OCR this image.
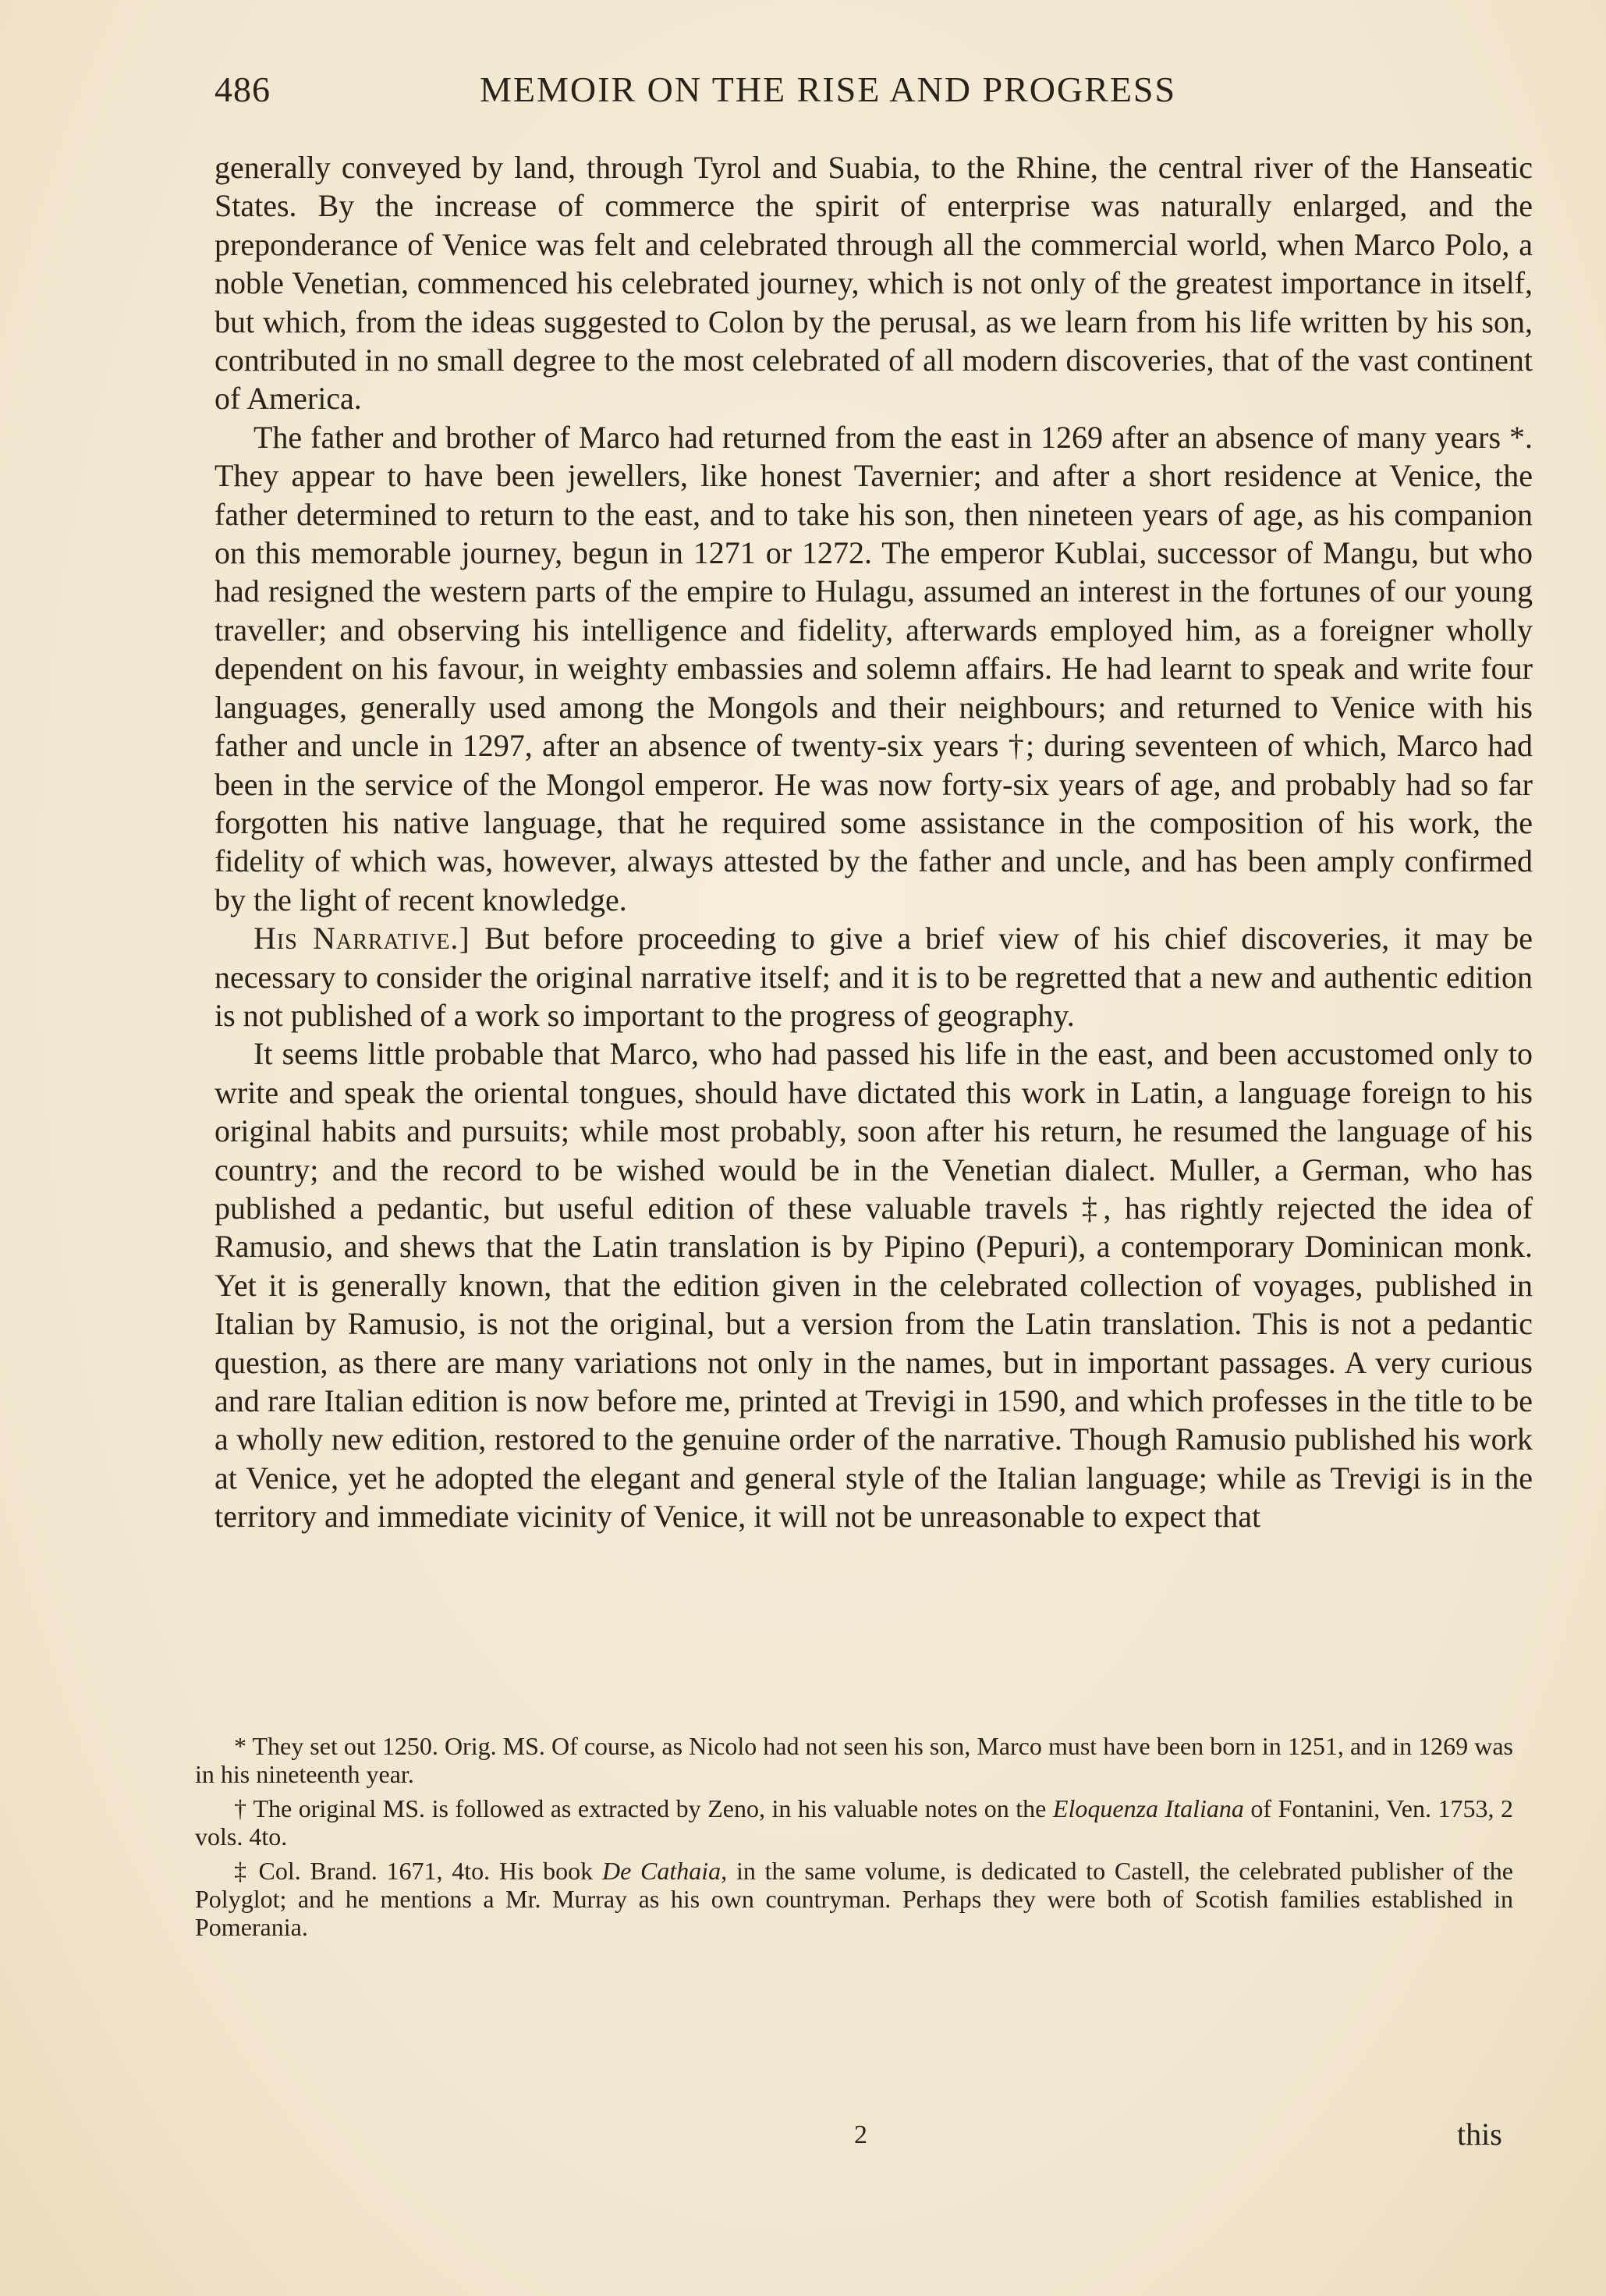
486	MEMOIR ON THE RISE AND PROGRESS

generally conveyed by land, through Tyrol and Suabia, to the Rhine, the central river of the Hanseatic States. By the increase of commerce the spirit of enterprise was naturally enlarged, and the preponderance of Venice was felt and celebrated through all the commercial world, when Marco Polo, a noble Venetian, commenced his celebrated journey, which is not only of the greatest importance in itself, but which, from the ideas suggested to Colon by the perusal, as we learn from his life written by his son, contributed in no small degree to the most celebrated of all modern discoveries, that of the vast continent of America.

The father and brother of Marco had returned from the east in 1269 after an absence of many years *. They appear to have been jewellers, like honest Tavernier; and after a short residence at Venice, the father determined to return to the east, and to take his son, then nineteen years of age, as his companion on this memorable journey, begun in 1271 or 1272. The emperor Kublai, successor of Mangu, but who had resigned the western parts of the empire to Hulagu, assumed an interest in the fortunes of our young traveller; and observing his intelligence and fidelity, afterwards employed him, as a foreigner wholly dependent on his favour, in weighty embassies and solemn affairs. He had learnt to speak and write four languages, generally used among the Mongols and their neighbours; and returned to Venice with his father and uncle in 1297, after an absence of twenty-six years †; during seventeen of which, Marco had been in the service of the Mongol emperor. He was now forty-six years of age, and probably had so far forgotten his native language, that he required some assistance in the composition of his work, the fidelity of which was, however, always attested by the father and uncle, and has been amply confirmed by the light of recent knowledge.

His Narrative.] But before proceeding to give a brief view of his chief discoveries, it may be necessary to consider the original narrative itself; and it is to be regretted that a new and authentic edition is not published of a work so important to the progress of geography.

It seems little probable that Marco, who had passed his life in the east, and been accustomed only to write and speak the oriental tongues, should have dictated this work in Latin, a language foreign to his original habits and pursuits; while most probably, soon after his return, he resumed the language of his country; and the record to be wished would be in the Venetian dialect. Muller, a German, who has published a pedantic, but useful edition of these valuable travels ‡, has rightly rejected the idea of Ramusio, and shews that the Latin translation is by Pipino (Pepuri), a contemporary Dominican monk. Yet it is generally known, that the edition given in the celebrated collection of voyages, published in Italian by Ramusio, is not the original, but a version from the Latin translation. This is not a pedantic question, as there are many variations not only in the names, but in important passages. A very curious and rare Italian edition is now before me, printed at Trevigi in 1590, and which professes in the title to be a wholly new edition, restored to the genuine order of the narrative. Though Ramusio published his work at Venice, yet he adopted the elegant and general style of the Italian language; while as Trevigi is in the territory and immediate vicinity of Venice, it will not be unreasonable to expect that

* They set out 1250. Orig. MS. Of course, as Nicolo had not seen his son, Marco must have been born in 1251, and in 1269 was in his nineteenth year.

† The original MS. is followed as extracted by Zeno, in his valuable notes on the Eloquenza Italiana of Fontanini, Ven. 1753, 2 vols. 4to.

‡ Col. Brand. 1671, 4to. His book De Cathaia, in the same volume, is dedicated to Castell, the celebrated publisher of the Polyglot; and he mentions a Mr. Murray as his own countryman. Perhaps they were both of Scotish families established in Pomerania.

2	this
